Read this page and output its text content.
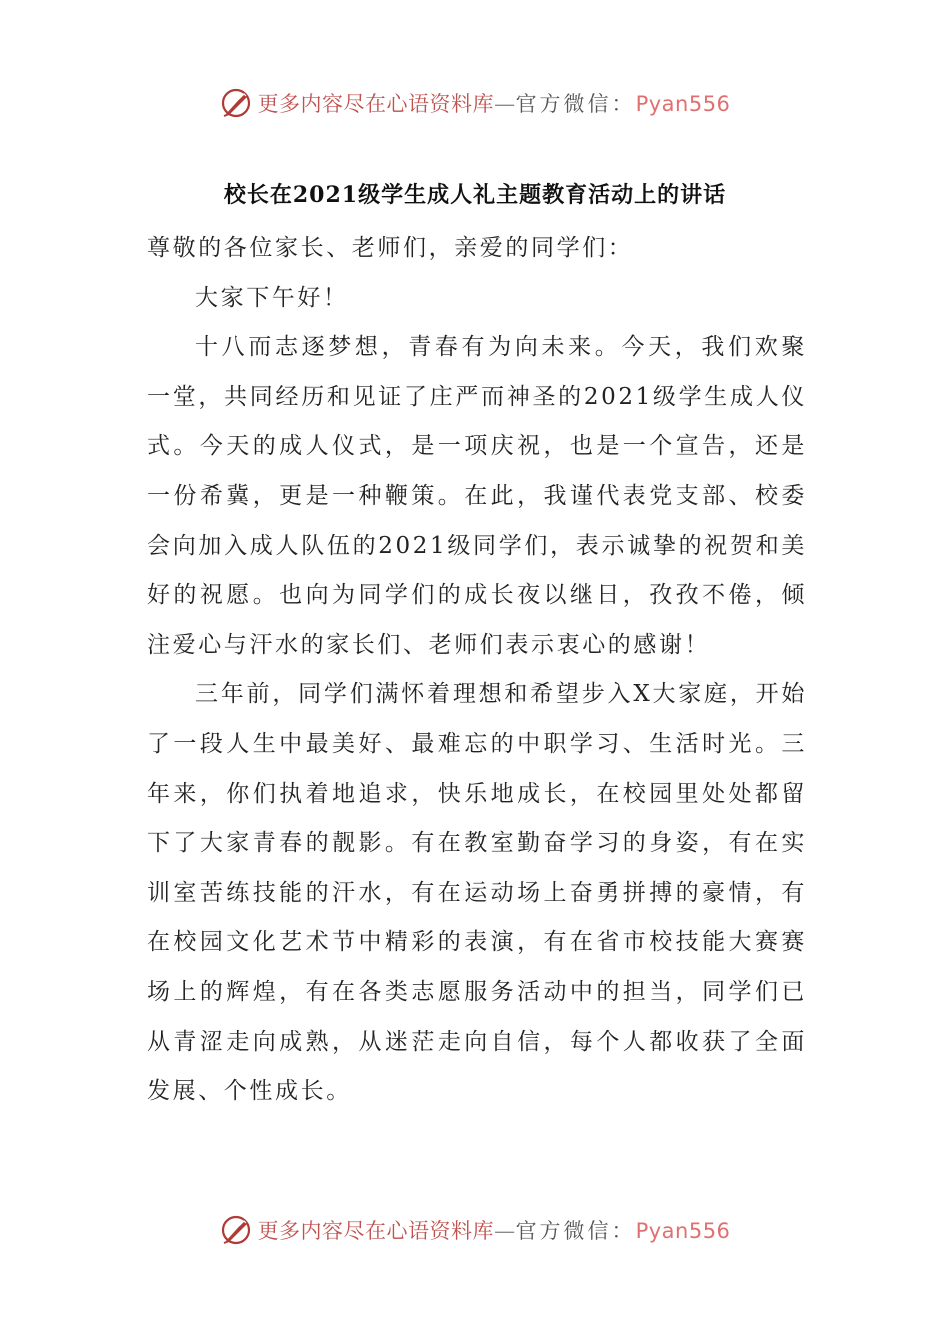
更多内容尽在心语资料库—官方微信：Pyan556
校长在2021级学生成人礼主题教育活动上的讲话

尊敬的各位家长、老师们，亲爱的同学们：

大家下午好！

十八而志逐梦想，青春有为向未来。今天，我们欢聚一堂，共同经历和见证了庄严而神圣的2021级学生成人仪式。今天的成人仪式，是一项庆祝，也是一个宣告，还是一份希冀，更是一种鞭策。在此，我谨代表党支部、校委会向加入成人队伍的2021级同学们，表示诚挚的祝贺和美好的祝愿。也向为同学们的成长夜以继日，孜孜不倦，倾注爱心与汗水的家长们、老师们表示衷心的感谢！

三年前，同学们满怀着理想和希望步入X大家庭，开始了一段人生中最美好、最难忘的中职学习、生活时光。三年来，你们执着地追求，快乐地成长，在校园里处处都留下了大家青春的靓影。有在教室勤奋学习的身姿，有在实训室苦练技能的汗水，有在运动场上奋勇拼搏的豪情，有在校园文化艺术节中精彩的表演，有在省市校技能大赛赛场上的辉煌，有在各类志愿服务活动中的担当，同学们已从青涩走向成熟，从迷茫走向自信，每个人都收获了全面发展、个性成长。

更多内容尽在心语资料库—官方微信：Pyan556
